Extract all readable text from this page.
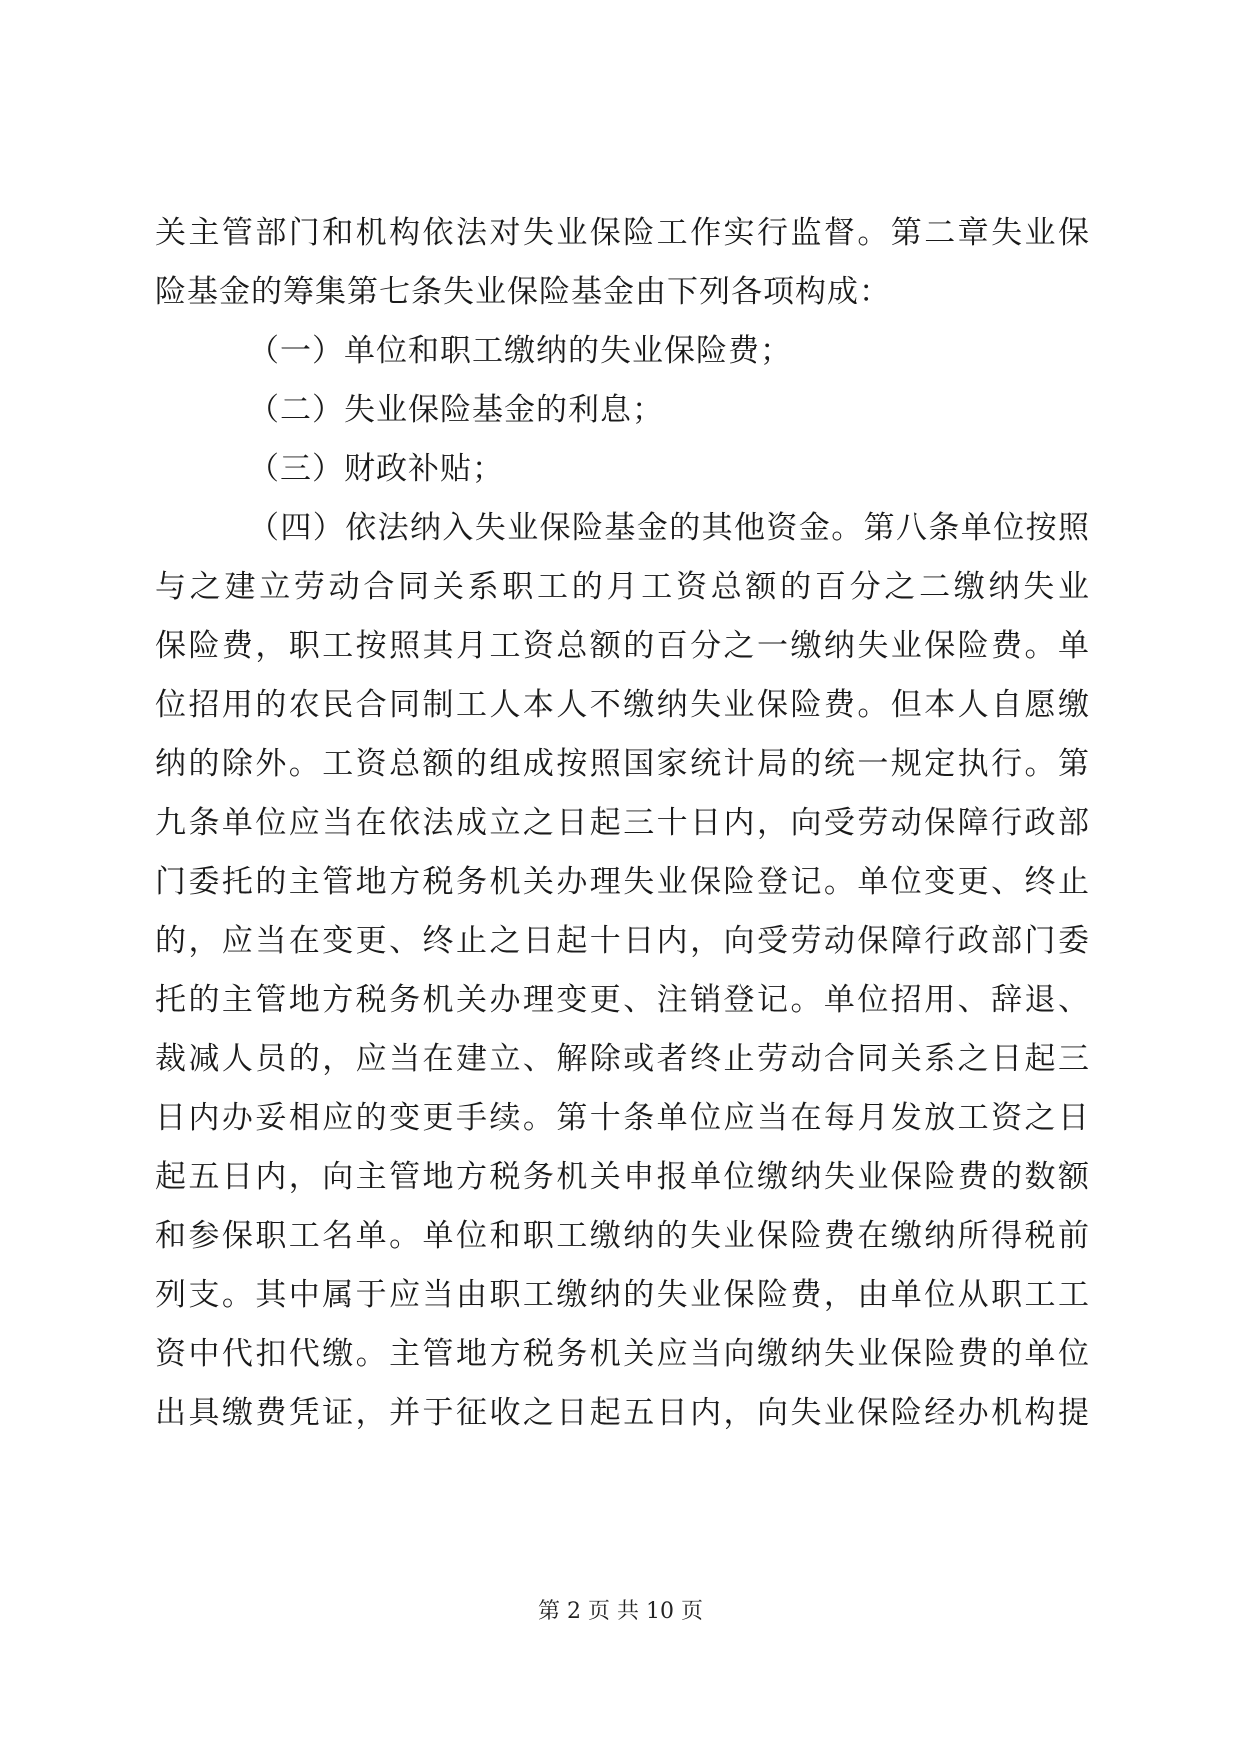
关主管部门和机构依法对失业保险工作实行监督。第二章失业保
险基金的筹集第七条失业保险基金由下列各项构成：
（一）单位和职工缴纳的失业保险费；
（二）失业保险基金的利息；
（三）财政补贴；
（四）依法纳入失业保险基金的其他资金。第八条单位按照
与之建立劳动合同关系职工的月工资总额的百分之二缴纳失业
保险费，职工按照其月工资总额的百分之一缴纳失业保险费。单
位招用的农民合同制工人本人不缴纳失业保险费。但本人自愿缴
纳的除外。工资总额的组成按照国家统计局的统一规定执行。第
九条单位应当在依法成立之日起三十日内，向受劳动保障行政部
门委托的主管地方税务机关办理失业保险登记。单位变更、终止
的，应当在变更、终止之日起十日内，向受劳动保障行政部门委
托的主管地方税务机关办理变更、注销登记。单位招用、辞退、
裁减人员的，应当在建立、解除或者终止劳动合同关系之日起三
日内办妥相应的变更手续。第十条单位应当在每月发放工资之日
起五日内，向主管地方税务机关申报单位缴纳失业保险费的数额
和参保职工名单。单位和职工缴纳的失业保险费在缴纳所得税前
列支。其中属于应当由职工缴纳的失业保险费，由单位从职工工
资中代扣代缴。主管地方税务机关应当向缴纳失业保险费的单位
出具缴费凭证，并于征收之日起五日内，向失业保险经办机构提
第 2 页 共 10 页
